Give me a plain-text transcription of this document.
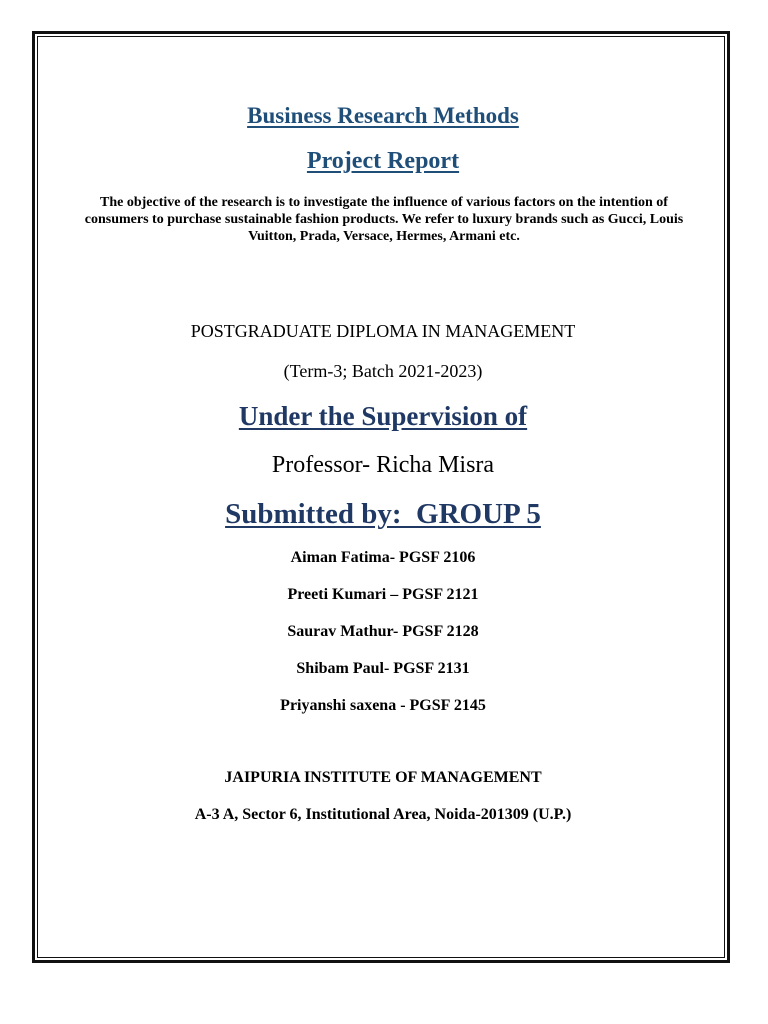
Business Research Methods
Project Report
The objective of the research is to investigate the influence of various factors on the intention of consumers to purchase sustainable fashion products. We refer to luxury brands such as Gucci, Louis Vuitton, Prada, Versace, Hermes, Armani etc.
POSTGRADUATE DIPLOMA IN MANAGEMENT
(Term-3; Batch 2021-2023)
Under the Supervision of
Professor- Richa Misra
Submitted by:  GROUP 5
Aiman Fatima- PGSF 2106
Preeti Kumari – PGSF 2121
Saurav Mathur- PGSF 2128
Shibam Paul- PGSF 2131
Priyanshi saxena - PGSF 2145
JAIPURIA INSTITUTE OF MANAGEMENT
A-3 A, Sector 6, Institutional Area, Noida-201309 (U.P.)
